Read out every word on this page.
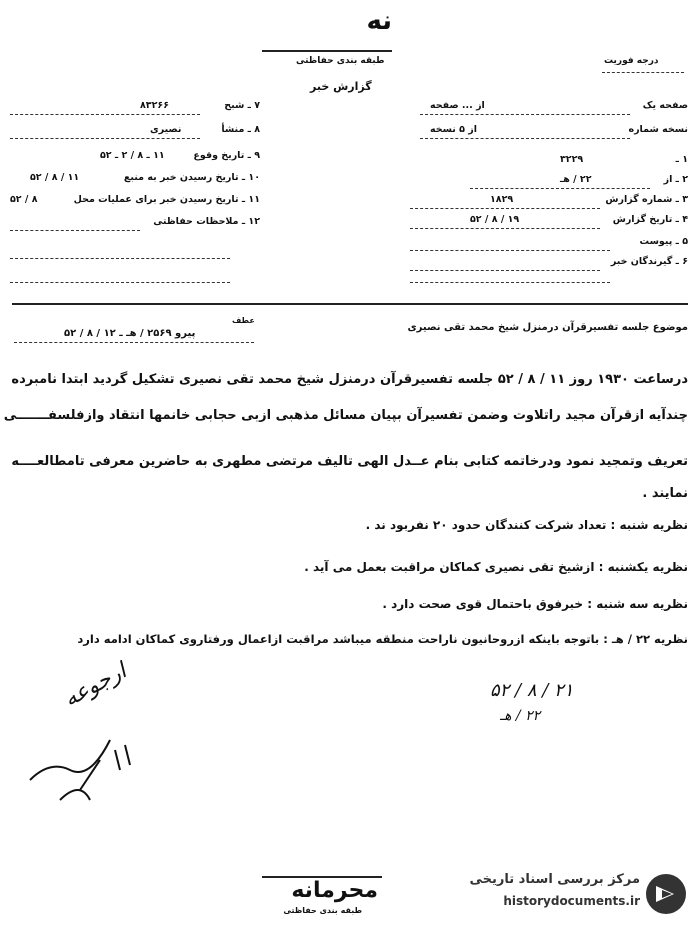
نه
طبقه بندی حفاظتی
گزارش خبر
درجه فوریت
۷ ـ شبح
۸۳۲۶۶
۸ ـ منشأ
نصیری
۹ ـ تاریخ وقوع
۱۱ ـ ۸ / ۲ ـ ۵۲
۱۰ ـ تاریخ رسیدن خبر به منبع
۱۱ / ۸ / ۵۲
۱۱ ـ تاریخ رسیدن خبر برای عملیات محل
۸ / ۵۲
۱۲ ـ ملاحظات حفاظتی
صفحه یک
از ... صفحه
نسخه شماره
از ۵ نسخه
۱ ـ
۳۲۲۹
۲ ـ از
۲۲ / هـ
۳ ـ شماره گزارش
۱۸۲۹
۴ ـ تاریخ گزارش
۱۹ / ۸ / ۵۲
۵ ـ پیوست
۶ ـ گیرندگان خبر
موضوع جلسه تفسیرقرآن درمنزل شیخ محمد تقی نصیری
عطف
پیرو ۲۵۶۹ / هـ ـ ۱۲ / ۸ / ۵۲
درساعت ۱۹۳۰ روز ۱۱ / ۸ / ۵۲ جلسه تفسیرقرآن درمنزل شیخ محمد تقی نصیری تشکیل گردید ابتدا نامبرده
چندآیه ازقرآن مجید راتلاوت وضمن تفسیرآن بپیان مسائل مذهبی ازبی حجابی خانمها انتقاد وازفلسفـــــــی
تعریف وتمجید نمود ودرخاتمه کتابی بنام عــدل الهی تالیف مرتضی مطهری به حاضرین معرفی تامطالعــــه
نمایند .
نظریه شنبه : تعداد شرکت کنندگان حدود ۲۰ نفربود ند .
نظریه یکشنبه : ازشیخ تقی نصیری کماکان مراقبت بعمل می آید .
نظریه سه شنبه : خبرفوق باحتمال قوی صحت دارد .
نظریه ۲۲ / هـ : باتوجه باینکه ازروحانیون ناراحت منطقه میباشد مراقبت ازاعمال ورفتاروی کماکان ادامه دارد
ارجوعه	۵۲ / ۸ / ۲۱
۲۲ / هـ
محرمانه
طبقه بندی حفاظتی
مرکز بررسی اسناد تاریخی
historydocuments.ir
